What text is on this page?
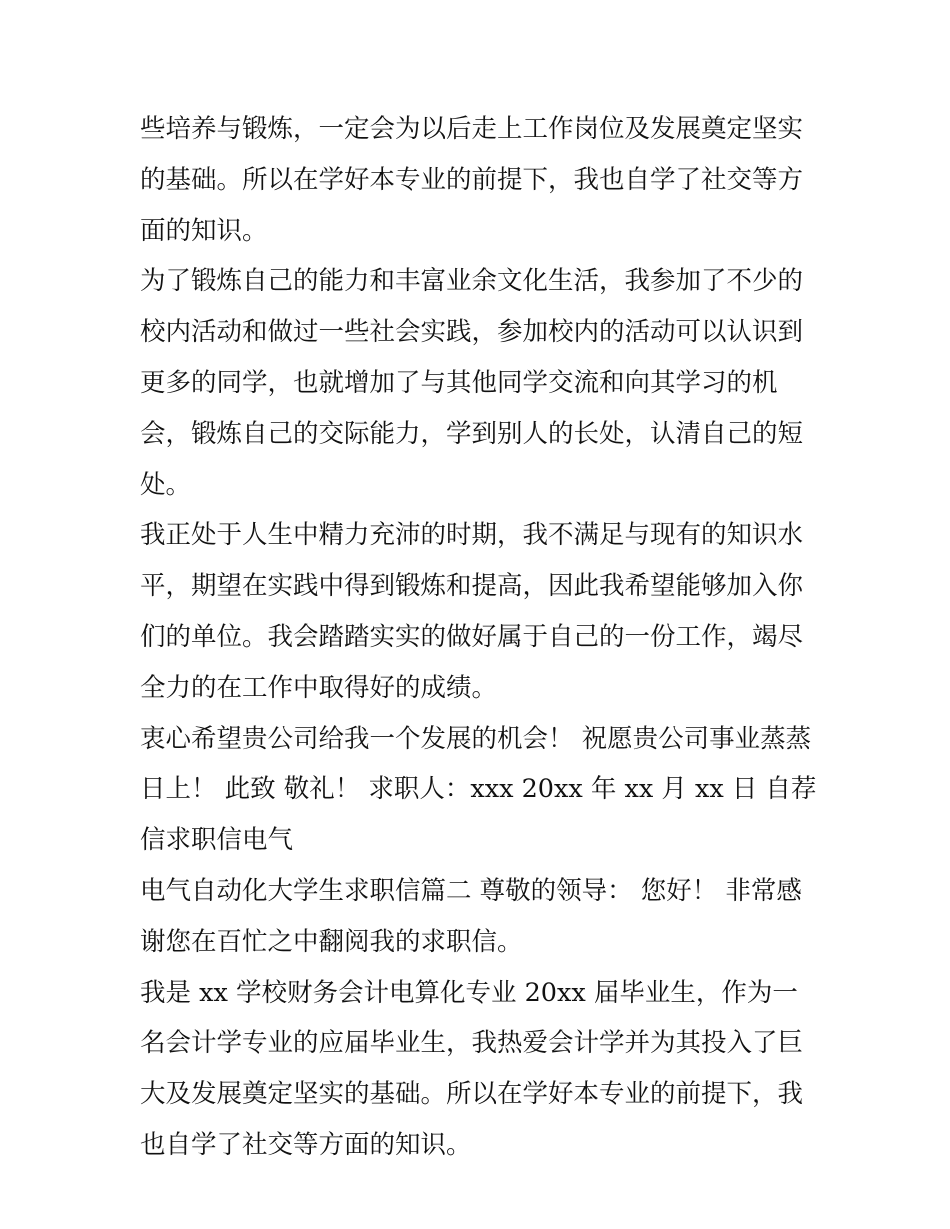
些培养与锻炼，一定会为以后走上工作岗位及发展奠定坚实的基础。所以在学好本专业的前提下，我也自学了社交等方面的知识。

为了锻炼自己的能力和丰富业余文化生活，我参加了不少的校内活动和做过一些社会实践，参加校内的活动可以认识到更多的同学，也就增加了与其他同学交流和向其学习的机会，锻炼自己的交际能力，学到别人的长处，认清自己的短处。

我正处于人生中精力充沛的时期，我不满足与现有的知识水平，期望在实践中得到锻炼和提高，因此我希望能够加入你们的单位。我会踏踏实实的做好属于自己的一份工作，竭尽全力的在工作中取得好的成绩。

衷心希望贵公司给我一个发展的机会！ 祝愿贵公司事业蒸蒸日上！ 此致 敬礼！ 求职人：xxx 20xx 年 xx 月 xx 日 自荐信求职信电气

电气自动化大学生求职信篇二 尊敬的领导： 您好！ 非常感谢您在百忙之中翻阅我的求职信。

我是 xx 学校财务会计电算化专业 20xx 届毕业生，作为一名会计学专业的应届毕业生，我热爱会计学并为其投入了巨大及发展奠定坚实的基础。所以在学好本专业的前提下，我也自学了社交等方面的知识。
